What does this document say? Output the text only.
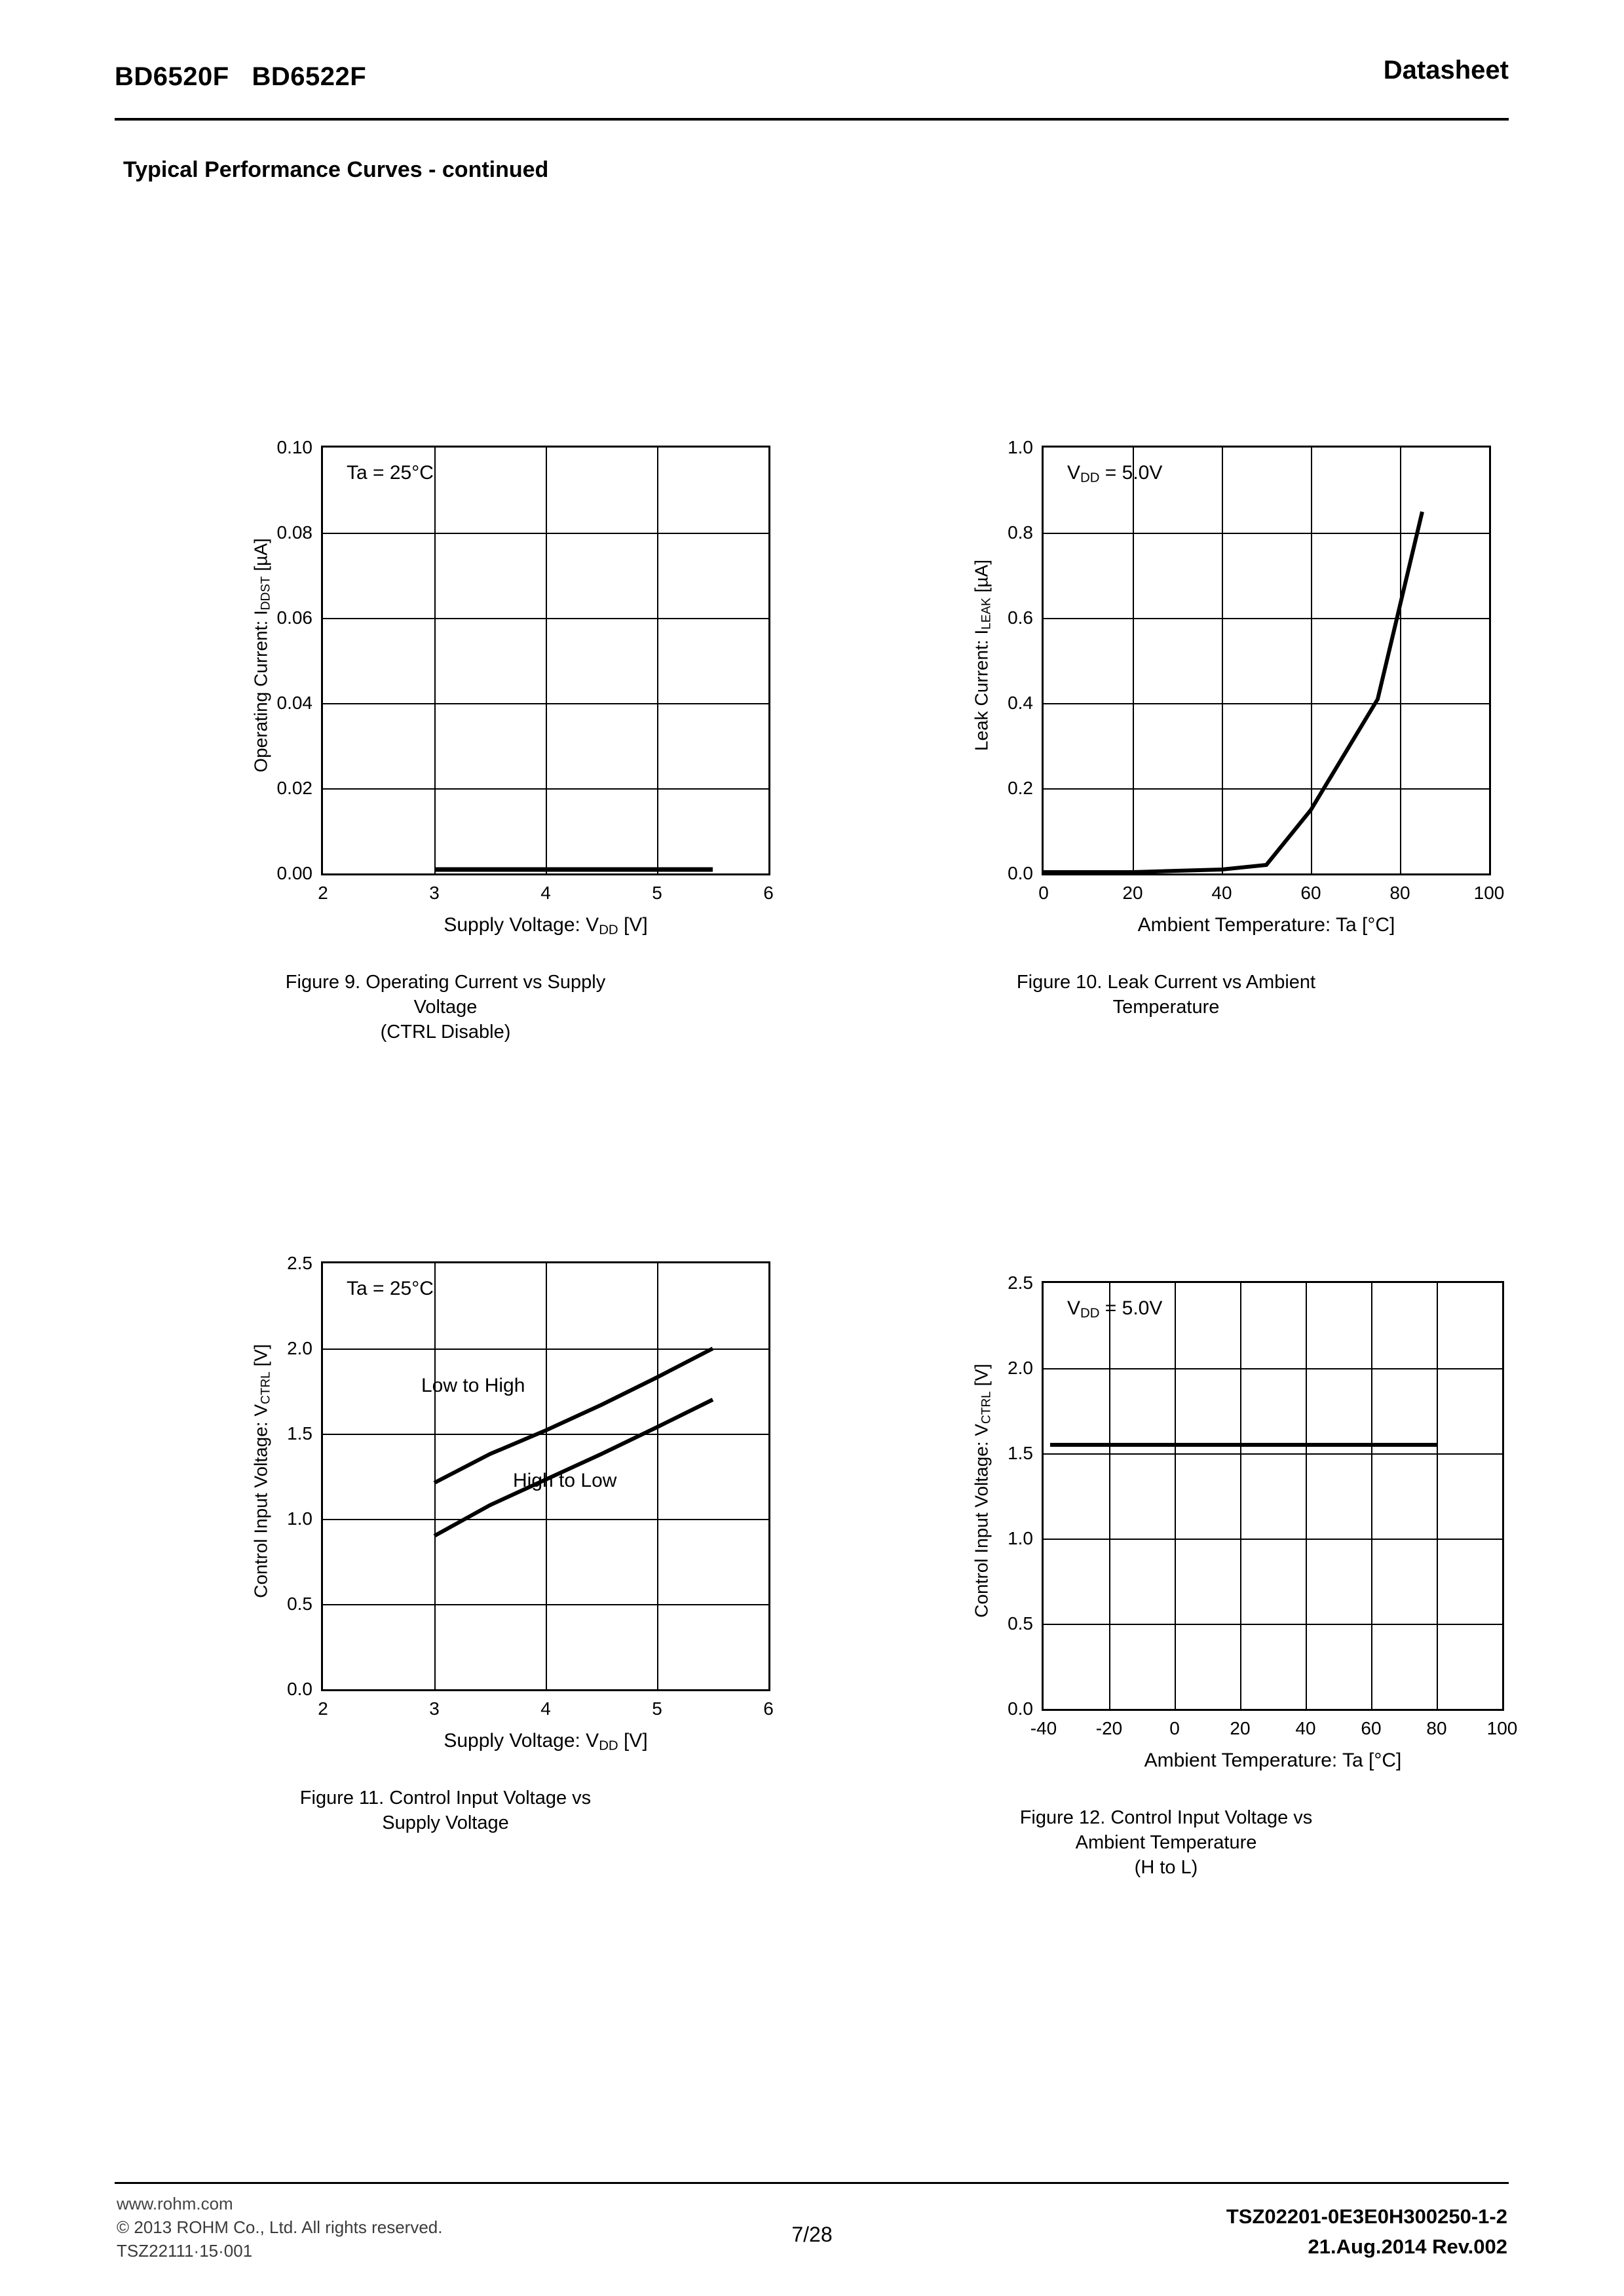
BD6520F   BD6522F	Datasheet
Typical Performance Curves - continued
Operating Current: $I_{DDST}$ [µA]
0.10
0.08
0.06
0.04
0.02
0.00
2	3	4	5	6
Supply Voltage: $V_{DD}$ [V]
Ta = 25°C
Figure 9. Operating Current vs Supply
Voltage
(CTRL Disable)
Leak Current: $I_{LEAK}$ [µA]
1.0
0.8
0.6
0.4
0.2
0.0
0	20	40	60	80	100
Ambient Temperature: Ta [°C]
$V_{DD} = 5.0V$
Figure 10. Leak Current vs Ambient
Temperature
Control Input Voltage: $V_{CTRL}$ [V]
2.5
2.0
1.5
1.0
0.5
0.0
2	3	4	5	6
Supply Voltage: $V_{DD}$ [V]
Ta = 25°C
Low to High
High to Low
Figure 11. Control Input Voltage vs
Supply Voltage
Control Input Voltage: $V_{CTRL}$ [V]
2.5
2.0
1.5
1.0
0.5
0.0
-40 -20	0	20 40 60 80 100
Ambient Temperature: Ta [°C]
$V_{DD} = 5.0V$
Figure 12. Control Input Voltage vs
Ambient Temperature
(H to L)
www.rohm.com
© 2013 ROHM Co., Ltd. All rights reserved.
TSZ22111·15·001
7/28
TSZ02201-0E3E0H300250-1-2
21.Aug.2014 Rev.002
